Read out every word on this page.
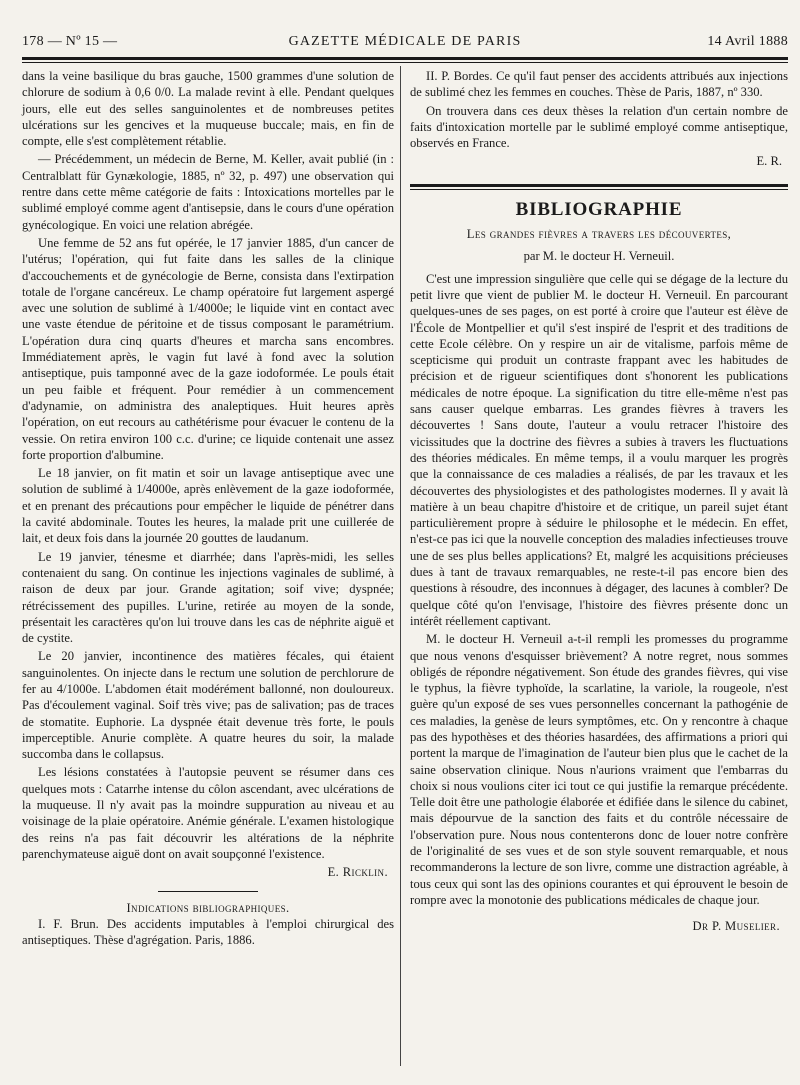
178 — Nº 15 —	GAZETTE MÉDICALE DE PARIS	14 Avril 1888

dans la veine basilique du bras gauche, 1500 grammes d'une solution de chlorure de sodium à 0,6 0/0. La malade revint à elle. Pendant quelques jours, elle eut des selles sanguinolentes et de nombreuses petites ulcérations sur les gencives et la muqueuse buccale; mais, en fin de compte, elle s'est complètement rétablie.

— Précédemment, un médecin de Berne, M. Keller, avait publié (in : Centralblatt für Gynækologie, 1885, nº 32, p. 497) une observation qui rentre dans cette même catégorie de faits : Intoxications mortelles par le sublimé employé comme agent d'antisepsie, dans le cours d'une opération gynécologique. En voici une relation abrégée.

Une femme de 52 ans fut opérée, le 17 janvier 1885, d'un cancer de l'utérus; l'opération, qui fut faite dans les salles de la clinique d'accouchements et de gynécologie de Berne, consista dans l'extirpation totale de l'organe cancéreux. Le champ opératoire fut largement aspergé avec une solution de sublimé à 1/4000e; le liquide vint en contact avec une vaste étendue de péritoine et de tissus composant le paramétrium. L'opération dura cinq quarts d'heures et marcha sans encombres. Immédiatement après, le vagin fut lavé à fond avec la solution antiseptique, puis tamponné avec de la gaze iodoformée. Le pouls était un peu faible et fréquent. Pour remédier à un commencement d'adynamie, on administra des analeptiques. Huit heures après l'opération, on eut recours au cathétérisme pour évacuer le contenu de la vessie. On retira environ 100 c.c. d'urine; ce liquide contenait une assez forte proportion d'albumine.

Le 18 janvier, on fit matin et soir un lavage antiseptique avec une solution de sublimé à 1/4000e, après enlèvement de la gaze iodoformée, et en prenant des précautions pour empêcher le liquide de pénétrer dans la cavité abdominale. Toutes les heures, la malade prit une cuillerée de lait, et deux fois dans la journée 20 gouttes de laudanum.

Le 19 janvier, ténesme et diarrhée; dans l'après-midi, les selles contenaient du sang. On continue les injections vaginales de sublimé, à raison de deux par jour. Grande agitation; soif vive; dyspnée; rétrécissement des pupilles. L'urine, retirée au moyen de la sonde, présentait les caractères qu'on lui trouve dans les cas de néphrite aiguë et de cystite.

Le 20 janvier, incontinence des matières fécales, qui étaient sanguinolentes. On injecte dans le rectum une solution de perchlorure de fer au 4/1000e. L'abdomen était modérément ballonné, non douloureux. Pas d'écoulement vaginal. Soif très vive; pas de salivation; pas de traces de stomatite. Euphorie. La dyspnée était devenue très forte, le pouls imperceptible. Anurie complète. A quatre heures du soir, la malade succomba dans le collapsus.

Les lésions constatées à l'autopsie peuvent se résumer dans ces quelques mots : Catarrhe intense du côlon ascendant, avec ulcérations de la muqueuse. Il n'y avait pas la moindre suppuration au niveau et au voisinage de la plaie opératoire. Anémie générale. L'examen histologique des reins n'a pas fait découvrir les altérations de la néphrite parenchymateuse aiguë dont on avait soupçonné l'existence.

E. Ricklin.
Indications bibliographiques.

I. F. Brun. Des accidents imputables à l'emploi chirurgical des antiseptiques. Thèse d'agrégation. Paris, 1886.

II. P. Bordes. Ce qu'il faut penser des accidents attribués aux injections de sublimé chez les femmes en couches. Thèse de Paris, 1887, nº 330.

On trouvera dans ces deux thèses la relation d'un certain nombre de faits d'intoxication mortelle par le sublimé employé comme antiseptique, observés en France.

E. R.
BIBLIOGRAPHIE
Les grandes fièvres a travers les découvertes,
par M. le docteur H. Verneuil.

C'est une impression singulière que celle qui se dégage de la lecture du petit livre que vient de publier M. le docteur H. Verneuil. En parcourant quelques-unes de ses pages, on est porté à croire que l'auteur est élève de l'École de Montpellier et qu'il s'est inspiré de l'esprit et des traditions de cette Ecole célèbre. On y respire un air de vitalisme, parfois même de scepticisme qui produit un contraste frappant avec les habitudes de précision et de rigueur scientifiques dont s'honorent les publications médicales de notre époque. La signification du titre elle-même n'est pas sans causer quelque embarras. Les grandes fièvres à travers les découvertes ! Sans doute, l'auteur a voulu retracer l'histoire des vicissitudes que la doctrine des fièvres a subies à travers les fluctuations des théories médicales. En même temps, il a voulu marquer les progrès que la connaissance de ces maladies a réalisés, de par les travaux et les découvertes des physiologistes et des pathologistes modernes. Il y avait là matière à un beau chapitre d'histoire et de critique, un pareil sujet étant particulièrement propre à séduire le philosophe et le médecin. En effet, n'est-ce pas ici que la nouvelle conception des maladies infectieuses trouve une de ses plus belles applications? Et, malgré les acquisitions précieuses dues à tant de travaux remarquables, ne reste-t-il pas encore bien des questions à résoudre, des inconnues à dégager, des lacunes à combler? De quelque côté qu'on l'envisage, l'histoire des fièvres présente donc un intérêt réellement captivant.

M. le docteur H. Verneuil a-t-il rempli les promesses du programme que nous venons d'esquisser brièvement? A notre regret, nous sommes obligés de répondre négativement. Son étude des grandes fièvres, qui vise le typhus, la fièvre typhoïde, la scarlatine, la variole, la rougeole, n'est guère qu'un exposé de ses vues personnelles concernant la pathogénie de ces maladies, la genèse de leurs symptômes, etc. On y rencontre à chaque pas des hypothèses et des théories hasardées, des affirmations a priori qui portent la marque de l'imagination de l'auteur bien plus que le cachet de la saine observation clinique. Nous n'aurions vraiment que l'embarras du choix si nous voulions citer ici tout ce qui justifie la remarque précédente. Telle doit être une pathologie élaborée et édifiée dans le silence du cabinet, mais dépourvue de la sanction des faits et du contrôle nécessaire de l'observation pure. Nous nous contenterons donc de louer notre confrère de l'originalité de ses vues et de son style souvent remarquable, et nous recommanderons la lecture de son livre, comme une distraction agréable, à tous ceux qui sont las des opinions courantes et qui éprouvent le besoin de rompre avec la monotonie des publications médicales de chaque jour.

Dr P. Muselier.
